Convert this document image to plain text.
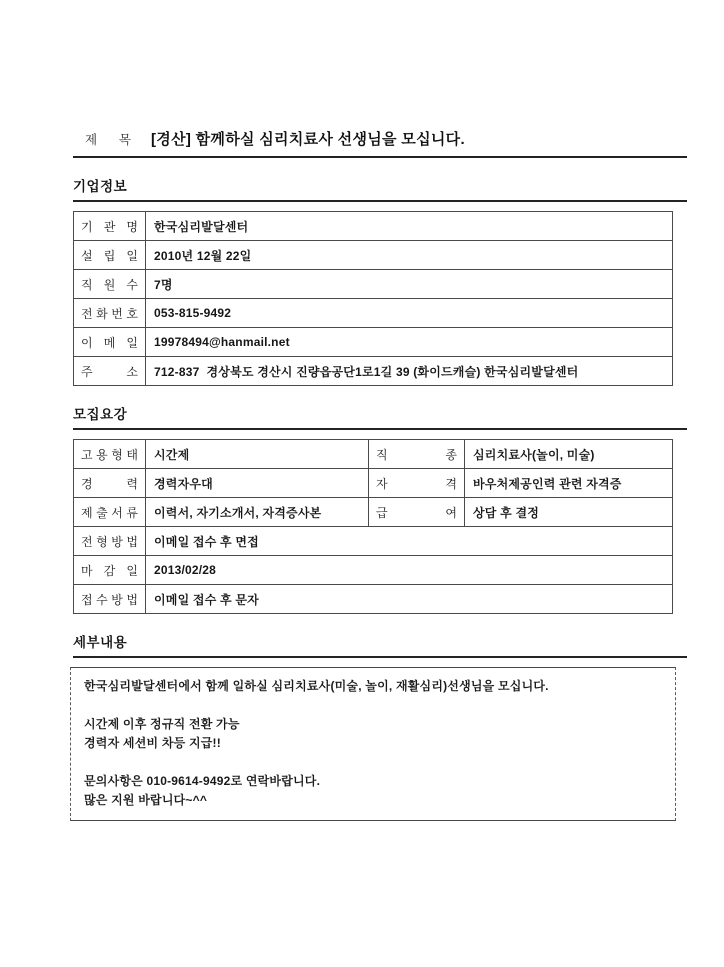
제 목 [경산] 함께하실 심리치료사 선생님을 모십니다.
기업정보
기 관 명	한국심리발달센터
설 립 일	2010년 12월 22일
직 원 수	7명
전 화 번 호	053-815-9492
이 메 일	19978494@hanmail.net
주 소	712-837  경상북도 경산시 진량읍공단1로1길 39 (화이드캐슬) 한국심리발달센터
모집요강
고 용 형 태	시간제	직 종	심리치료사(놀이, 미술)
경 력	경력자우대	자 격	바우처제공인력 관련 자격증
제 출 서 류	이력서, 자기소개서, 자격증사본	급 여	상담 후 결정
전 형 방 법	이메일 접수 후 면접		
마 감 일	2013/02/28		
접 수 방 법	이메일 접수 후 문자		
세부내용
한국심리발달센터에서 함께 일하실 심리치료사(미술, 놀이, 재활심리)선생님을 모십니다.
시간제 이후 정규직 전환 가능
경력자 세션비 차등 지급!!
문의사항은 010-9614-9492로 연락바랍니다.
많은 지원 바랍니다~^^
